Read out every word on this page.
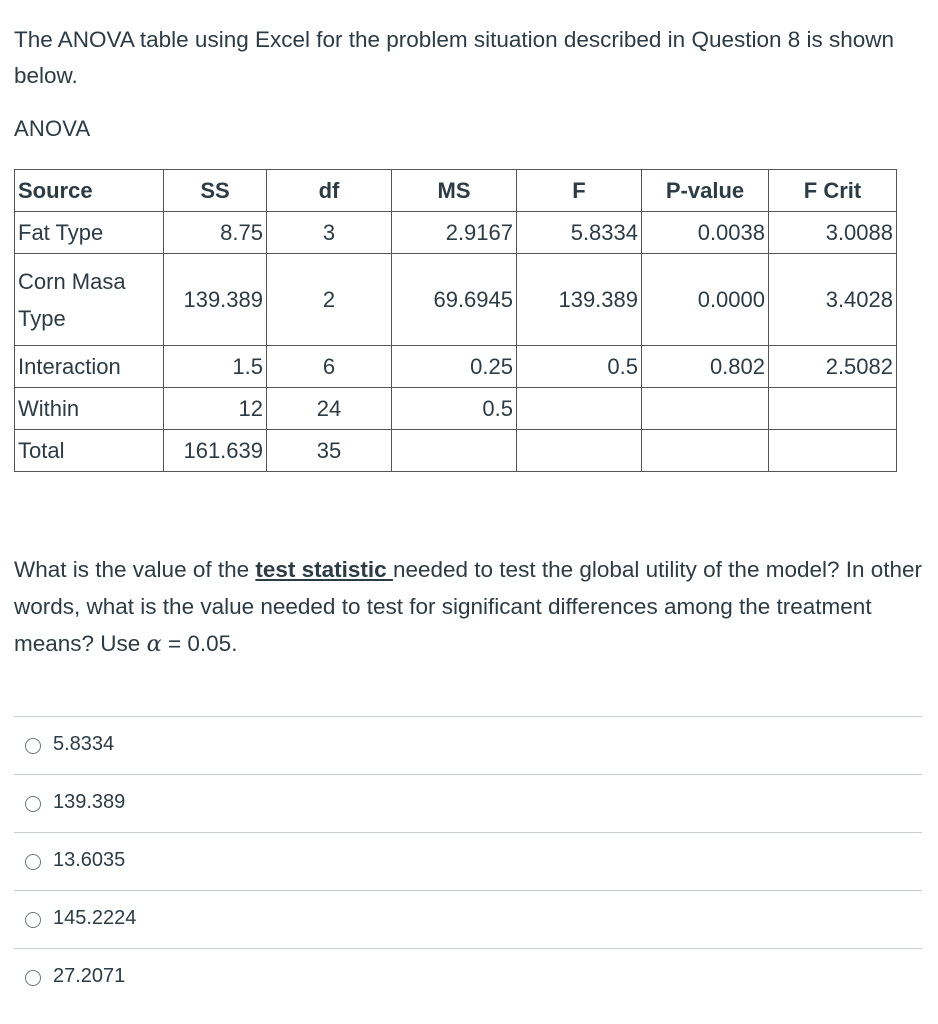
The ANOVA table using Excel for the problem situation described in Question 8 is shown below.

ANOVA
Source	SS	df	MS	F	P-value	F Crit
Fat Type	8.75	3	2.9167	5.8334	0.0038	3.0088
Corn Masa Type	139.389	2	69.6945	139.389	0.0000	3.4028
Interaction	1.5	6	0.25	0.5	0.802	2.5082
Within	12	24	0.5			
Total	161.639	35				

What is the value of the test statistic needed to test the global utility of the model? In other words, what is the value needed to test for significant differences among the treatment means? Use α = 0.05.

5.8334
139.389
13.6035
145.2224
27.2071
